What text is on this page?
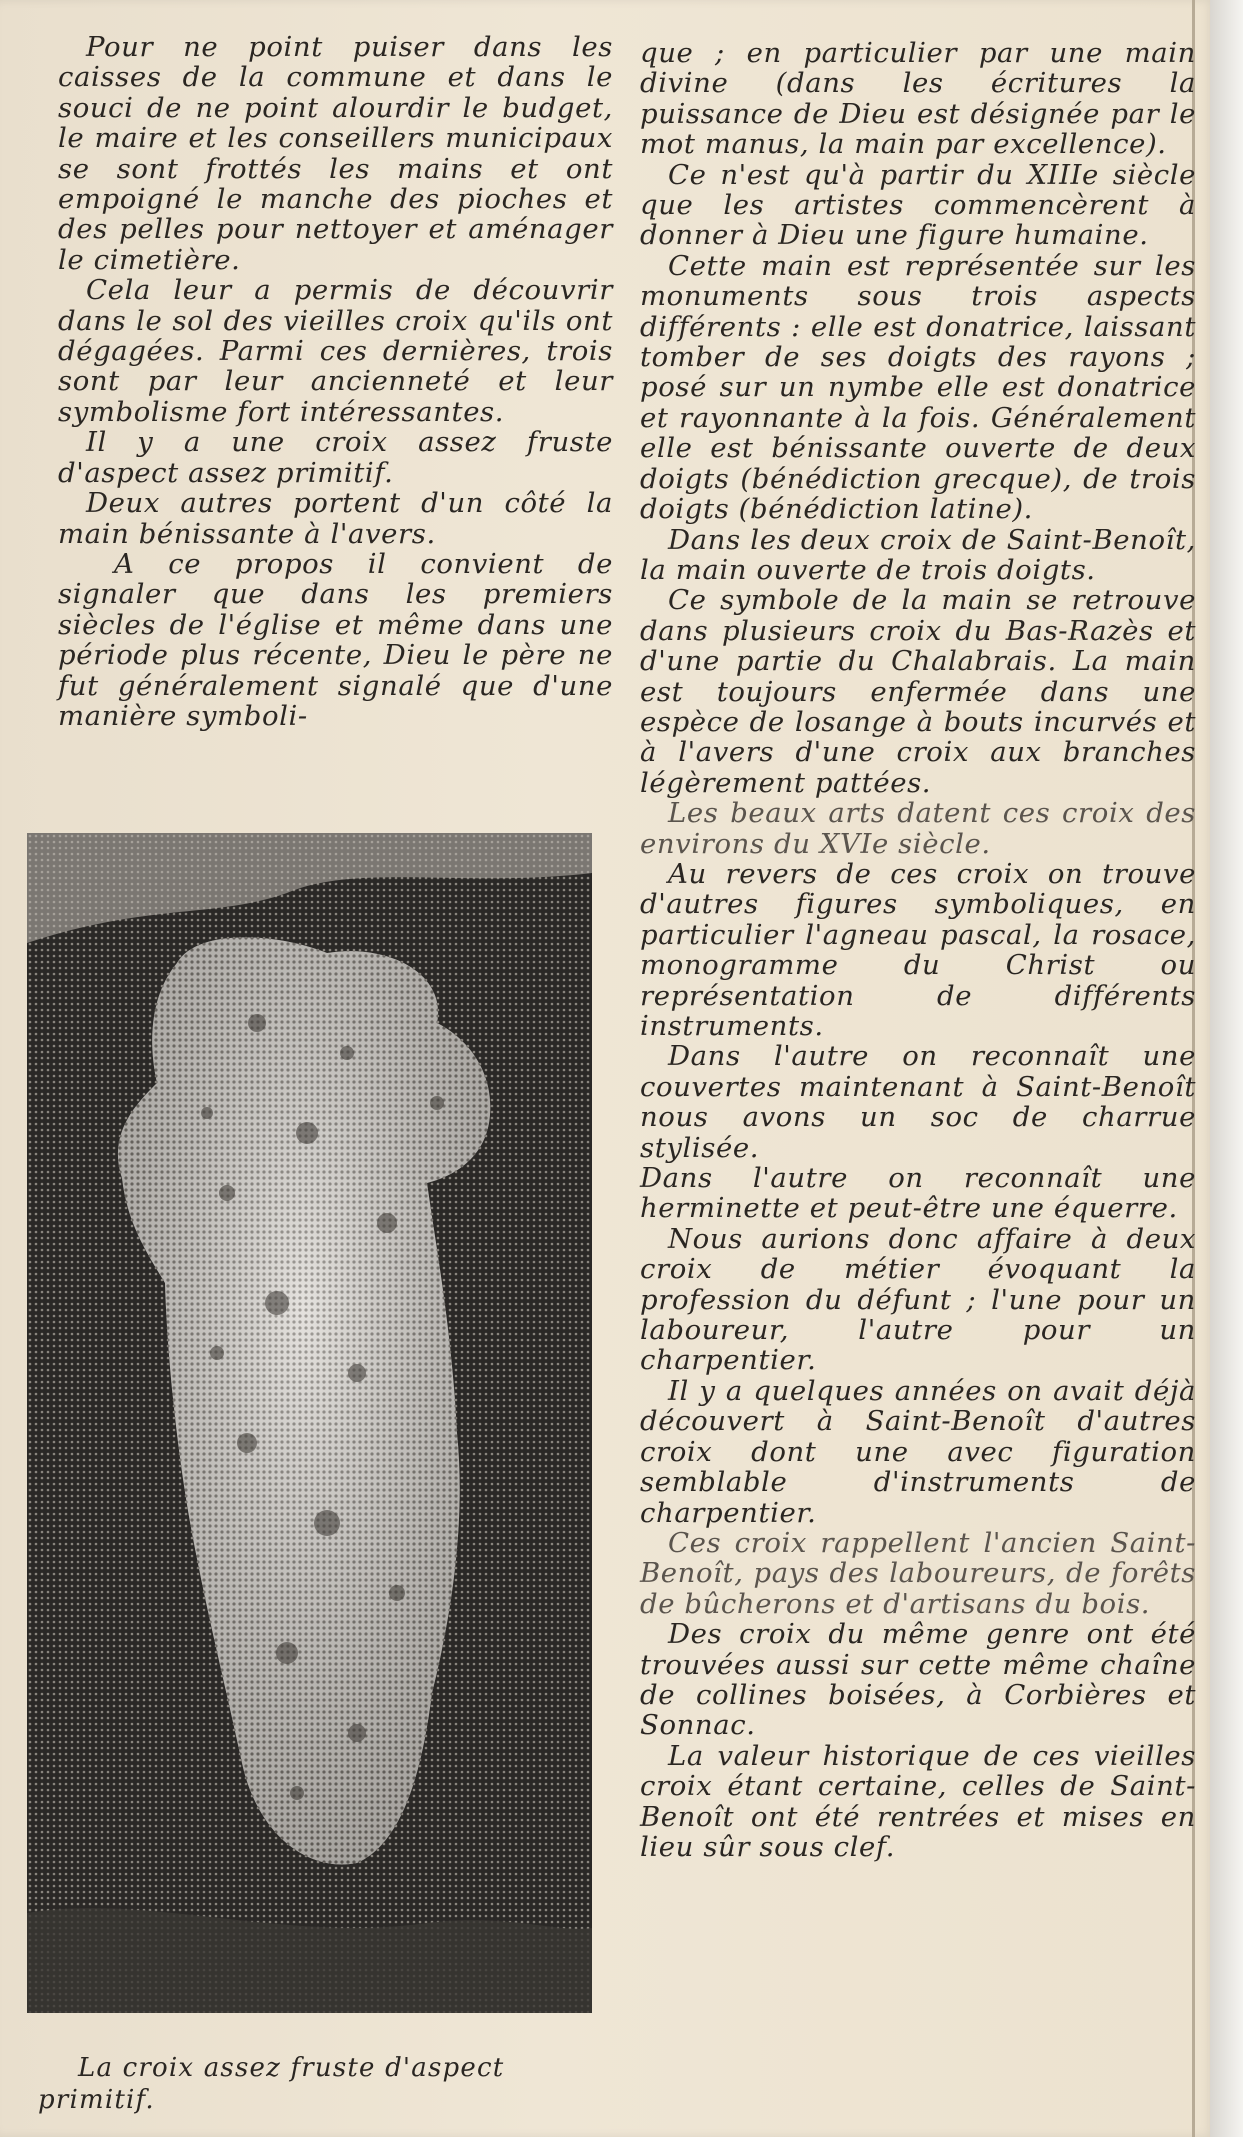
Pour ne point puiser dans les caisses de la commune et dans le souci de ne point alourdir le budget, le maire et les conseillers municipaux se sont frottés les mains et ont empoigné le manche des pioches et des pelles pour nettoyer et aménager le cimetière.

Cela leur a permis de découvrir dans le sol des vieilles croix qu'ils ont dégagées. Parmi ces dernières, trois sont par leur ancienneté et leur symbolisme fort intéressantes.

Il y a une croix assez fruste d'aspect assez primitif.

Deux autres portent d'un côté la main bénissante à l'avers.

A ce propos il convient de signaler que dans les premiers siècles de l'église et même dans une période plus récente, Dieu le père ne fut généralement signalé que d'une manière symboli-

La croix assez fruste d'aspect primitif.

que ; en particulier par une main divine (dans les écritures la puissance de Dieu est désignée par le mot manus, la main par excellence).

Ce n'est qu'à partir du XIIIe siècle que les artistes commencèrent à donner à Dieu une figure humaine.

Cette main est représentée sur les monuments sous trois aspects différents : elle est donatrice, laissant tomber de ses doigts des rayons ; posé sur un nymbe elle est donatrice et rayonnante à la fois. Généralement elle est bénissante ouverte de deux doigts (bénédiction grecque), de trois doigts (bénédiction latine).

Dans les deux croix de Saint-Benoît, la main ouverte de trois doigts.

Ce symbole de la main se retrouve dans plusieurs croix du Bas-Razès et d'une partie du Chalabrais. La main est toujours enfermée dans une espèce de losange à bouts incurvés et à l'avers d'une croix aux branches légèrement pattées.

Les beaux arts datent ces croix des environs du XVIe siècle.

Au revers de ces croix on trouve d'autres figures symboliques, en particulier l'agneau pascal, la rosace, monogramme du Christ ou représentation de différents instruments.

Dans l'autre on reconnaît une couvertes maintenant à Saint-Benoît nous avons un soc de charrue stylisée.

Dans l'autre on reconnaît une herminette et peut-être une équerre.

Nous aurions donc affaire à deux croix de métier évoquant la profession du défunt ; l'une pour un laboureur, l'autre pour un charpentier.

Il y a quelques années on avait déjà découvert à Saint-Benoît d'autres croix dont une avec figuration semblable d'instruments de charpentier.

Ces croix rappellent l'ancien Saint-Benoît, pays des laboureurs, de forêts de bûcherons et d'artisans du bois.

Des croix du même genre ont été trouvées aussi sur cette même chaîne de collines boisées, à Corbières et Sonnac.

La valeur historique de ces vieilles croix étant certaine, celles de Saint-Benoît ont été rentrées et mises en lieu sûr sous clef.
